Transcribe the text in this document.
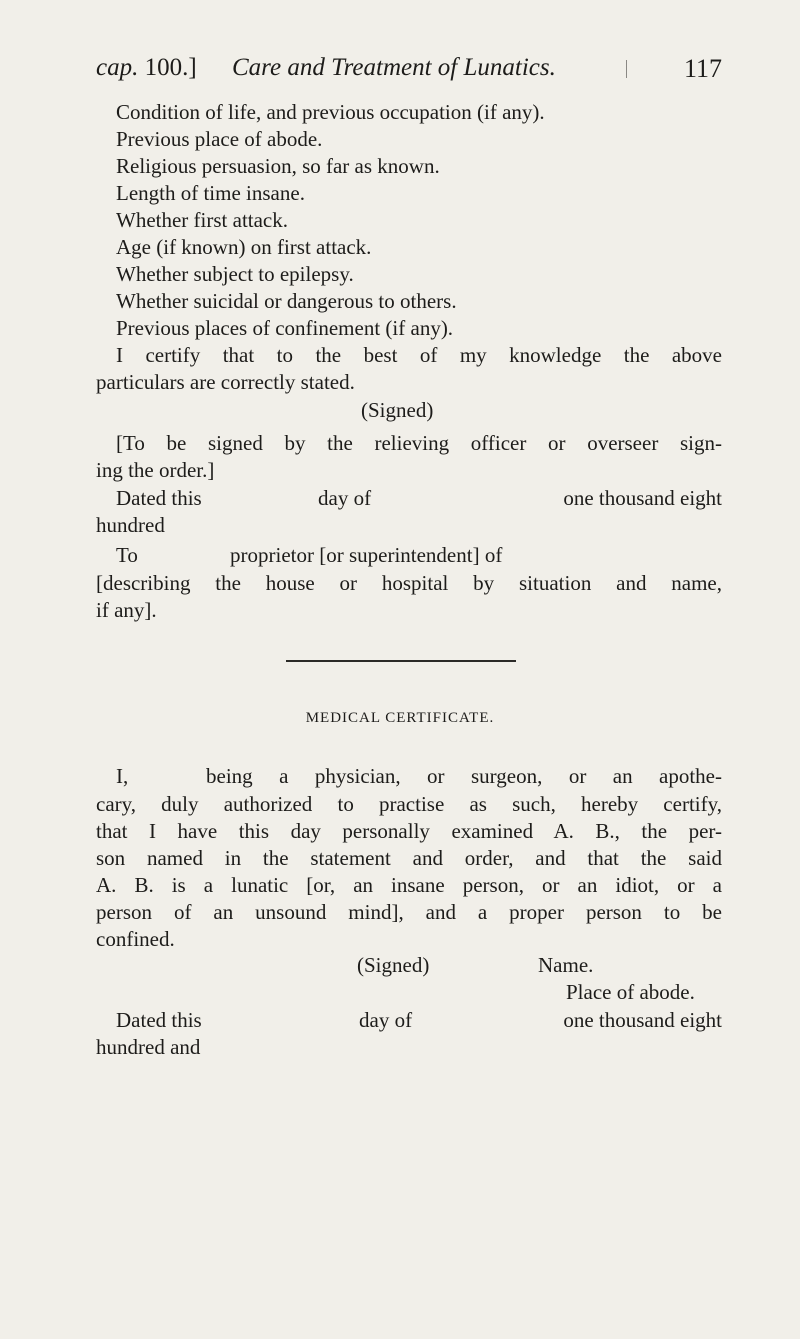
cap. 100.] Care and Treatment of Lunatics.	117
Condition of life, and previous occupation (if any).
Previous place of abode.
Religious persuasion, so far as known.
Length of time insane.
Whether first attack.
Age (if known) on first attack.
Whether subject to epilepsy.
Whether suicidal or dangerous to others.
Previous places of confinement (if any).
I certify that to the best of my knowledge the above
particulars are correctly stated.
(Signed)
[To be signed by the relieving officer or overseer sign-
ing the order.]
Dated this	day of	one thousand eight
hundred
To	proprietor [or superintendent] of
[describing the house or hospital by situation and name,
if any].
MEDICAL CERTIFICATE.
I,	being a physician, or surgeon, or an apothe-
cary, duly authorized to practise as such, hereby certify,
that I have this day personally examined A. B., the per-
son named in the statement and order, and that the said
A. B. is a lunatic [or, an insane person, or an idiot, or a
person of an unsound mind], and a proper person to be
confined.
(Signed)	Name.
Place of abode.
Dated this	day of	one thousand eight
hundred and
